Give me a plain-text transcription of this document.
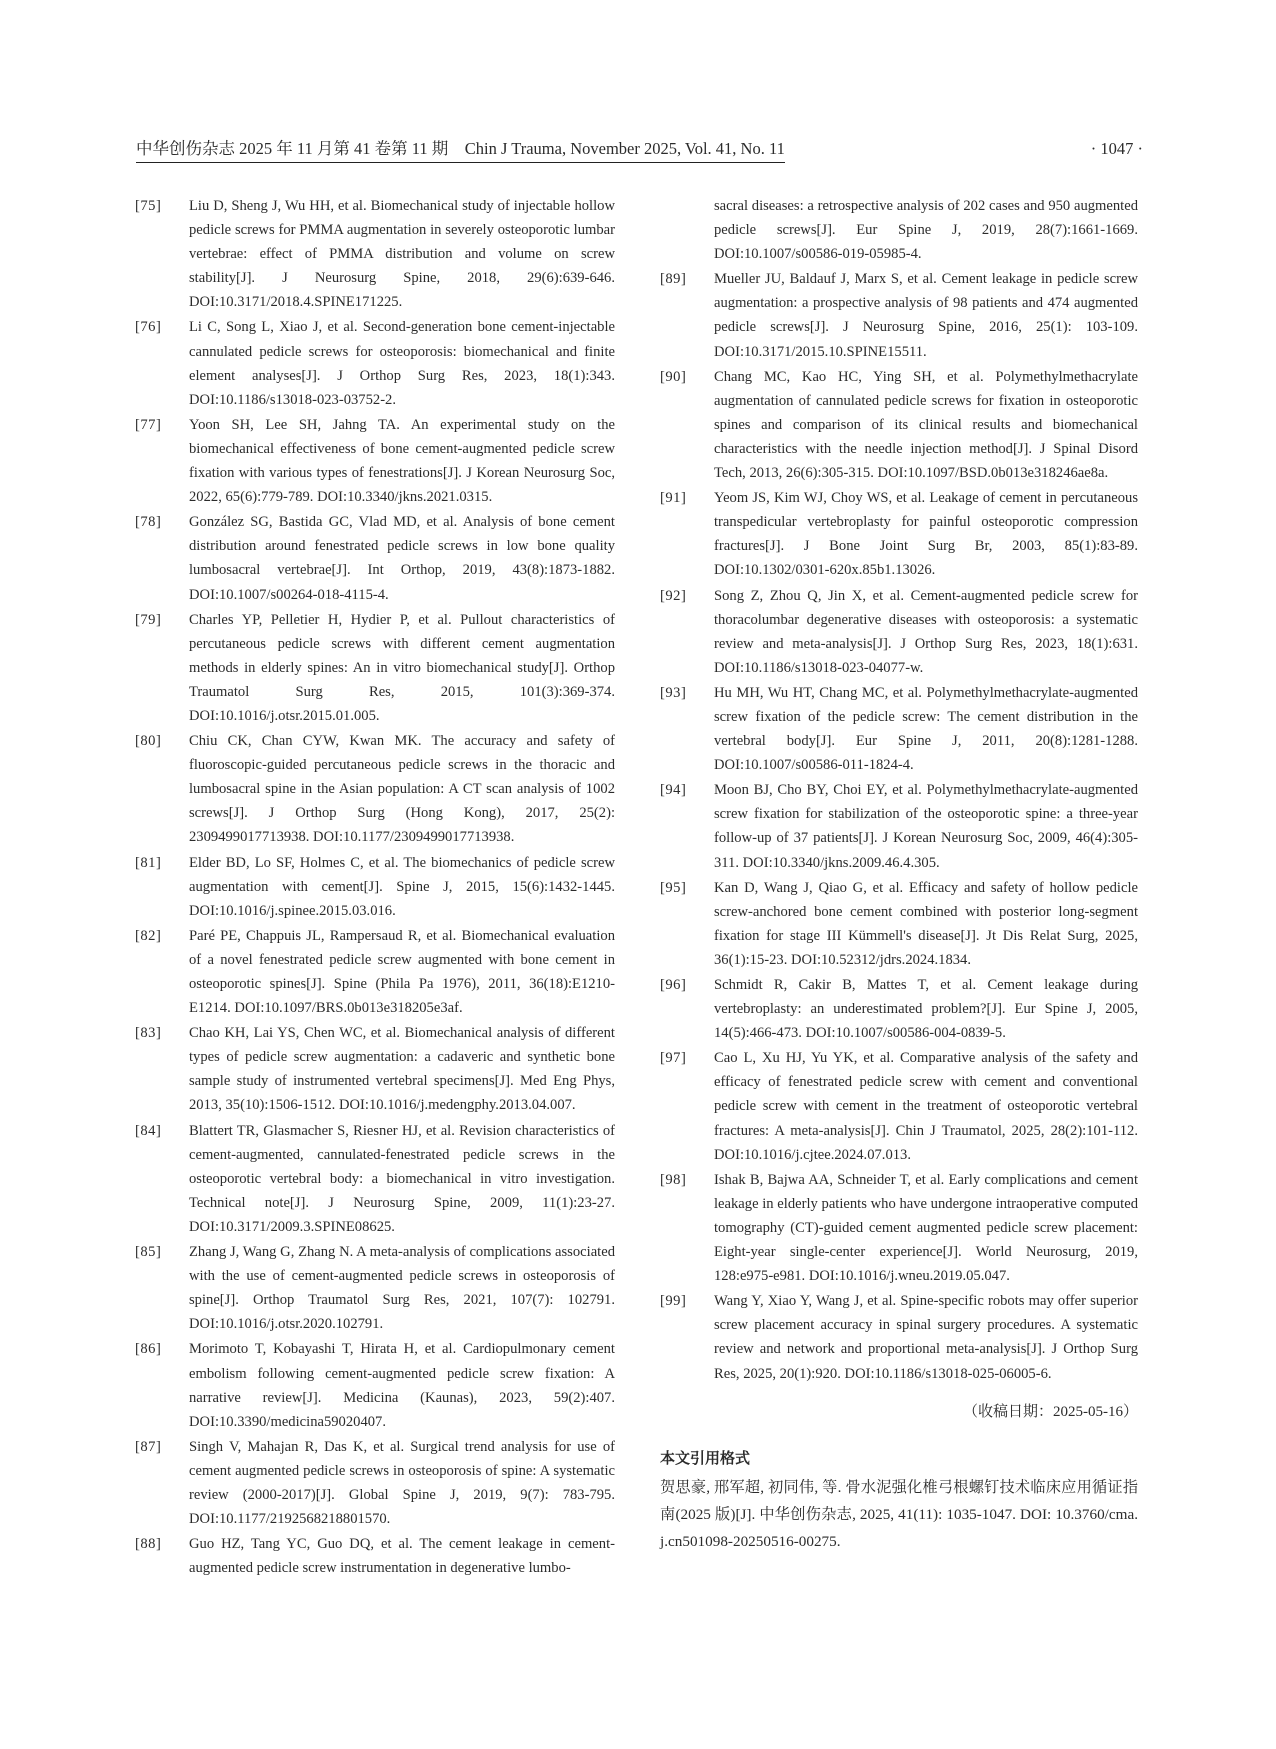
中华创伤杂志 2025 年 11 月第 41 卷第 11 期　Chin J Trauma, November 2025, Vol. 41, No. 11	· 1047 ·
[75]	Liu D, Sheng J, Wu HH, et al. Biomechanical study of injectable hollow pedicle screws for PMMA augmentation in severely osteoporotic lumbar vertebrae: effect of PMMA distribution and volume on screw stability[J]. J Neurosurg Spine, 2018, 29(6):639-646. DOI:10.3171/2018.4.SPINE171225.
[76]	Li C, Song L, Xiao J, et al. Second-generation bone cement-injectable cannulated pedicle screws for osteoporosis: biomechanical and finite element analyses[J]. J Orthop Surg Res, 2023, 18(1):343. DOI:10.1186/s13018-023-03752-2.
[77]	Yoon SH, Lee SH, Jahng TA. An experimental study on the biomechanical effectiveness of bone cement-augmented pedicle screw fixation with various types of fenestrations[J]. J Korean Neurosurg Soc, 2022, 65(6):779-789. DOI:10.3340/jkns.2021.0315.
[78]	González SG, Bastida GC, Vlad MD, et al. Analysis of bone cement distribution around fenestrated pedicle screws in low bone quality lumbosacral vertebrae[J]. Int Orthop, 2019, 43(8):1873-1882. DOI:10.1007/s00264-018-4115-4.
[79]	Charles YP, Pelletier H, Hydier P, et al. Pullout characteristics of percutaneous pedicle screws with different cement augmentation methods in elderly spines: An in vitro biomechanical study[J]. Orthop Traumatol Surg Res, 2015, 101(3):369-374. DOI:10.1016/j.otsr.2015.01.005.
[80]	Chiu CK, Chan CYW, Kwan MK. The accuracy and safety of fluoroscopic-guided percutaneous pedicle screws in the thoracic and lumbosacral spine in the Asian population: A CT scan analysis of 1002 screws[J]. J Orthop Surg (Hong Kong), 2017, 25(2): 2309499017713938. DOI:10.1177/2309499017713938.
[81]	Elder BD, Lo SF, Holmes C, et al. The biomechanics of pedicle screw augmentation with cement[J]. Spine J, 2015, 15(6):1432-1445. DOI:10.1016/j.spinee.2015.03.016.
[82]	Paré PE, Chappuis JL, Rampersaud R, et al. Biomechanical evaluation of a novel fenestrated pedicle screw augmented with bone cement in osteoporotic spines[J]. Spine (Phila Pa 1976), 2011, 36(18):E1210-E1214. DOI:10.1097/BRS.0b013e318205e3af.
[83]	Chao KH, Lai YS, Chen WC, et al. Biomechanical analysis of different types of pedicle screw augmentation: a cadaveric and synthetic bone sample study of instrumented vertebral specimens[J]. Med Eng Phys, 2013, 35(10):1506-1512. DOI:10.1016/j.medengphy.2013.04.007.
[84]	Blattert TR, Glasmacher S, Riesner HJ, et al. Revision characteristics of cement-augmented, cannulated-fenestrated pedicle screws in the osteoporotic vertebral body: a biomechanical in vitro investigation. Technical note[J]. J Neurosurg Spine, 2009, 11(1):23-27. DOI:10.3171/2009.3.SPINE08625.
[85]	Zhang J, Wang G, Zhang N. A meta-analysis of complications associated with the use of cement-augmented pedicle screws in osteoporosis of spine[J]. Orthop Traumatol Surg Res, 2021, 107(7): 102791. DOI:10.1016/j.otsr.2020.102791.
[86]	Morimoto T, Kobayashi T, Hirata H, et al. Cardiopulmonary cement embolism following cement-augmented pedicle screw fixation: A narrative review[J]. Medicina (Kaunas), 2023, 59(2):407. DOI:10.3390/medicina59020407.
[87]	Singh V, Mahajan R, Das K, et al. Surgical trend analysis for use of cement augmented pedicle screws in osteoporosis of spine: A systematic review (2000-2017)[J]. Global Spine J, 2019, 9(7): 783-795. DOI:10.1177/2192568218801570.
[88]	Guo HZ, Tang YC, Guo DQ, et al. The cement leakage in cement-augmented pedicle screw instrumentation in degenerative lumbo-
sacral diseases: a retrospective analysis of 202 cases and 950 augmented pedicle screws[J]. Eur Spine J, 2019, 28(7):1661-1669. DOI:10.1007/s00586-019-05985-4.
[89]	Mueller JU, Baldauf J, Marx S, et al. Cement leakage in pedicle screw augmentation: a prospective analysis of 98 patients and 474 augmented pedicle screws[J]. J Neurosurg Spine, 2016, 25(1): 103-109. DOI:10.3171/2015.10.SPINE15511.
[90]	Chang MC, Kao HC, Ying SH, et al. Polymethylmethacrylate augmentation of cannulated pedicle screws for fixation in osteoporotic spines and comparison of its clinical results and biomechanical characteristics with the needle injection method[J]. J Spinal Disord Tech, 2013, 26(6):305-315. DOI:10.1097/BSD.0b013e318246ae8a.
[91]	Yeom JS, Kim WJ, Choy WS, et al. Leakage of cement in percutaneous transpedicular vertebroplasty for painful osteoporotic compression fractures[J]. J Bone Joint Surg Br, 2003, 85(1):83-89. DOI:10.1302/0301-620x.85b1.13026.
[92]	Song Z, Zhou Q, Jin X, et al. Cement-augmented pedicle screw for thoracolumbar degenerative diseases with osteoporosis: a systematic review and meta-analysis[J]. J Orthop Surg Res, 2023, 18(1):631. DOI:10.1186/s13018-023-04077-w.
[93]	Hu MH, Wu HT, Chang MC, et al. Polymethylmethacrylate-augmented screw fixation of the pedicle screw: The cement distribution in the vertebral body[J]. Eur Spine J, 2011, 20(8):1281-1288. DOI:10.1007/s00586-011-1824-4.
[94]	Moon BJ, Cho BY, Choi EY, et al. Polymethylmethacrylate-augmented screw fixation for stabilization of the osteoporotic spine: a three-year follow-up of 37 patients[J]. J Korean Neurosurg Soc, 2009, 46(4):305-311. DOI:10.3340/jkns.2009.46.4.305.
[95]	Kan D, Wang J, Qiao G, et al. Efficacy and safety of hollow pedicle screw-anchored bone cement combined with posterior long-segment fixation for stage III Kümmell's disease[J]. Jt Dis Relat Surg, 2025, 36(1):15-23. DOI:10.52312/jdrs.2024.1834.
[96]	Schmidt R, Cakir B, Mattes T, et al. Cement leakage during vertebroplasty: an underestimated problem?[J]. Eur Spine J, 2005, 14(5):466-473. DOI:10.1007/s00586-004-0839-5.
[97]	Cao L, Xu HJ, Yu YK, et al. Comparative analysis of the safety and efficacy of fenestrated pedicle screw with cement and conventional pedicle screw with cement in the treatment of osteoporotic vertebral fractures: A meta-analysis[J]. Chin J Traumatol, 2025, 28(2):101-112. DOI:10.1016/j.cjtee.2024.07.013.
[98]	Ishak B, Bajwa AA, Schneider T, et al. Early complications and cement leakage in elderly patients who have undergone intraoperative computed tomography (CT)-guided cement augmented pedicle screw placement: Eight-year single-center experience[J]. World Neurosurg, 2019, 128:e975-e981. DOI:10.1016/j.wneu.2019.05.047.
[99]	Wang Y, Xiao Y, Wang J, et al. Spine-specific robots may offer superior screw placement accuracy in spinal surgery procedures. A systematic review and network and proportional meta-analysis[J]. J Orthop Surg Res, 2025, 20(1):920. DOI:10.1186/s13018-025-06005-6.
（收稿日期：2025-05-16）
本文引用格式
贺思豪, 邢军超, 初同伟, 等. 骨水泥强化椎弓根螺钉技术临床应用循证指南(2025 版)[J]. 中华创伤杂志, 2025, 41(11): 1035-1047. DOI: 10.3760/cma.j.cn501098-20250516-00275.
